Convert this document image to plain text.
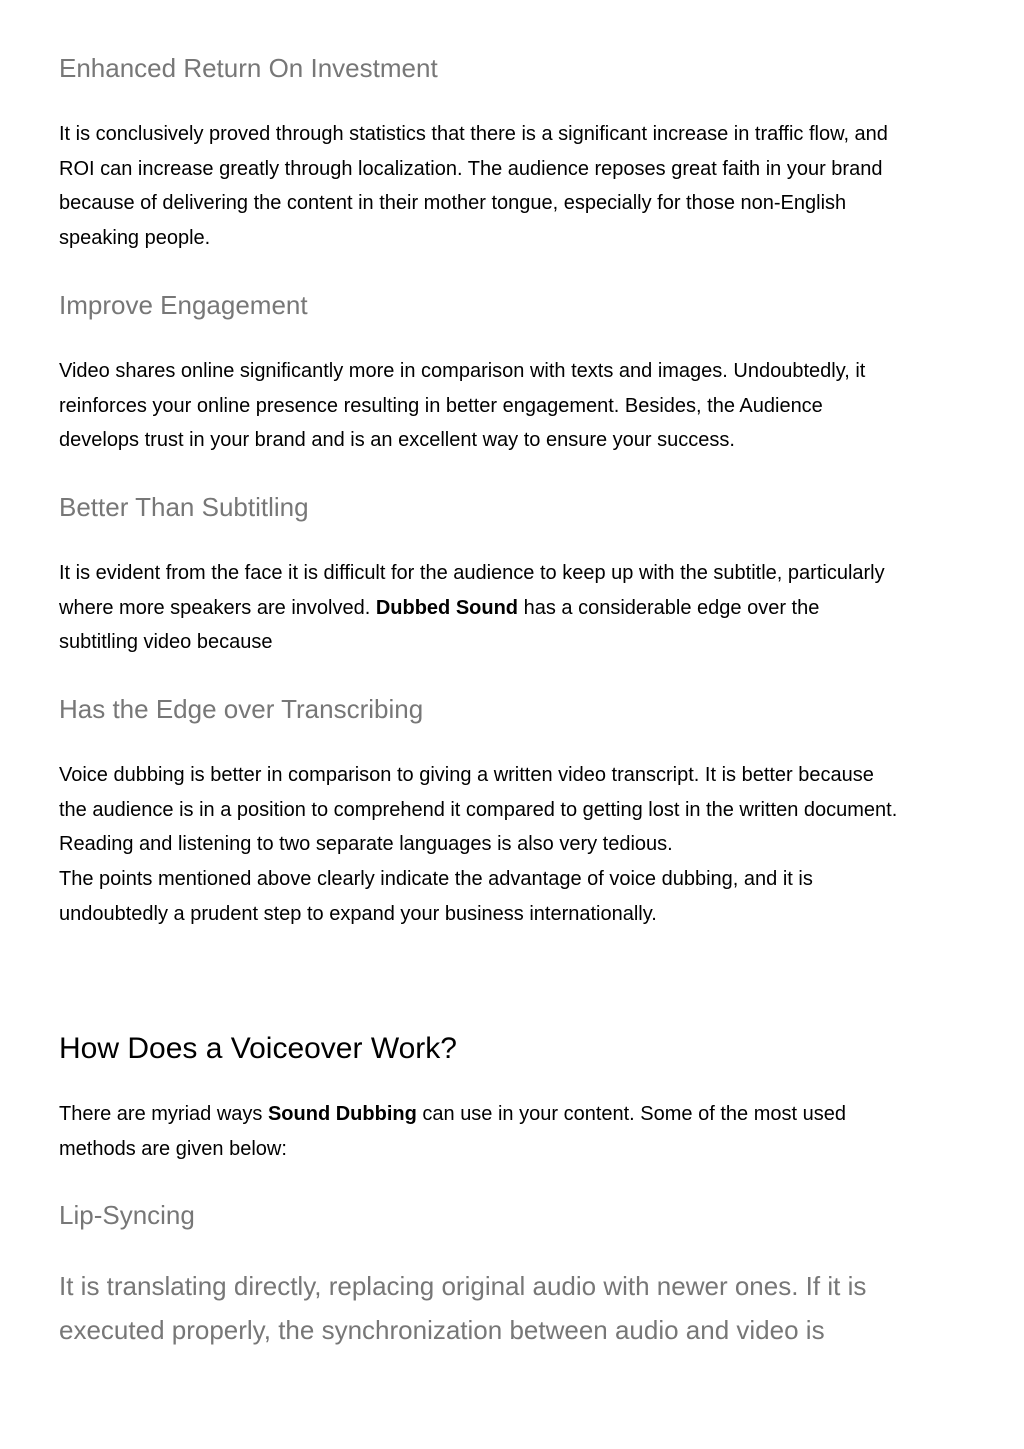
Enhanced Return On Investment
It is conclusively proved through statistics that there is a significant increase in traffic flow, and
ROI can increase greatly through localization. The audience reposes great faith in your brand
because of delivering the content in their mother tongue, especially for those non-English
speaking people.
Improve Engagement
Video shares online significantly more in comparison with texts and images. Undoubtedly, it
reinforces your online presence resulting in better engagement. Besides, the Audience
develops trust in your brand and is an excellent way to ensure your success.
Better Than Subtitling
It is evident from the face it is difficult for the audience to keep up with the subtitle, particularly
where more speakers are involved. Dubbed Sound has a considerable edge over the
subtitling video because
Has the Edge over Transcribing
Voice dubbing is better in comparison to giving a written video transcript. It is better because
the audience is in a position to comprehend it compared to getting lost in the written document.
Reading and listening to two separate languages is also very tedious.
The points mentioned above clearly indicate the advantage of voice dubbing, and it is
undoubtedly a prudent step to expand your business internationally.
How Does a Voiceover Work?
There are myriad ways Sound Dubbing can use in your content. Some of the most used
methods are given below:
Lip-Syncing
It is translating directly, replacing original audio with newer ones. If it is
executed properly, the synchronization between audio and video is
